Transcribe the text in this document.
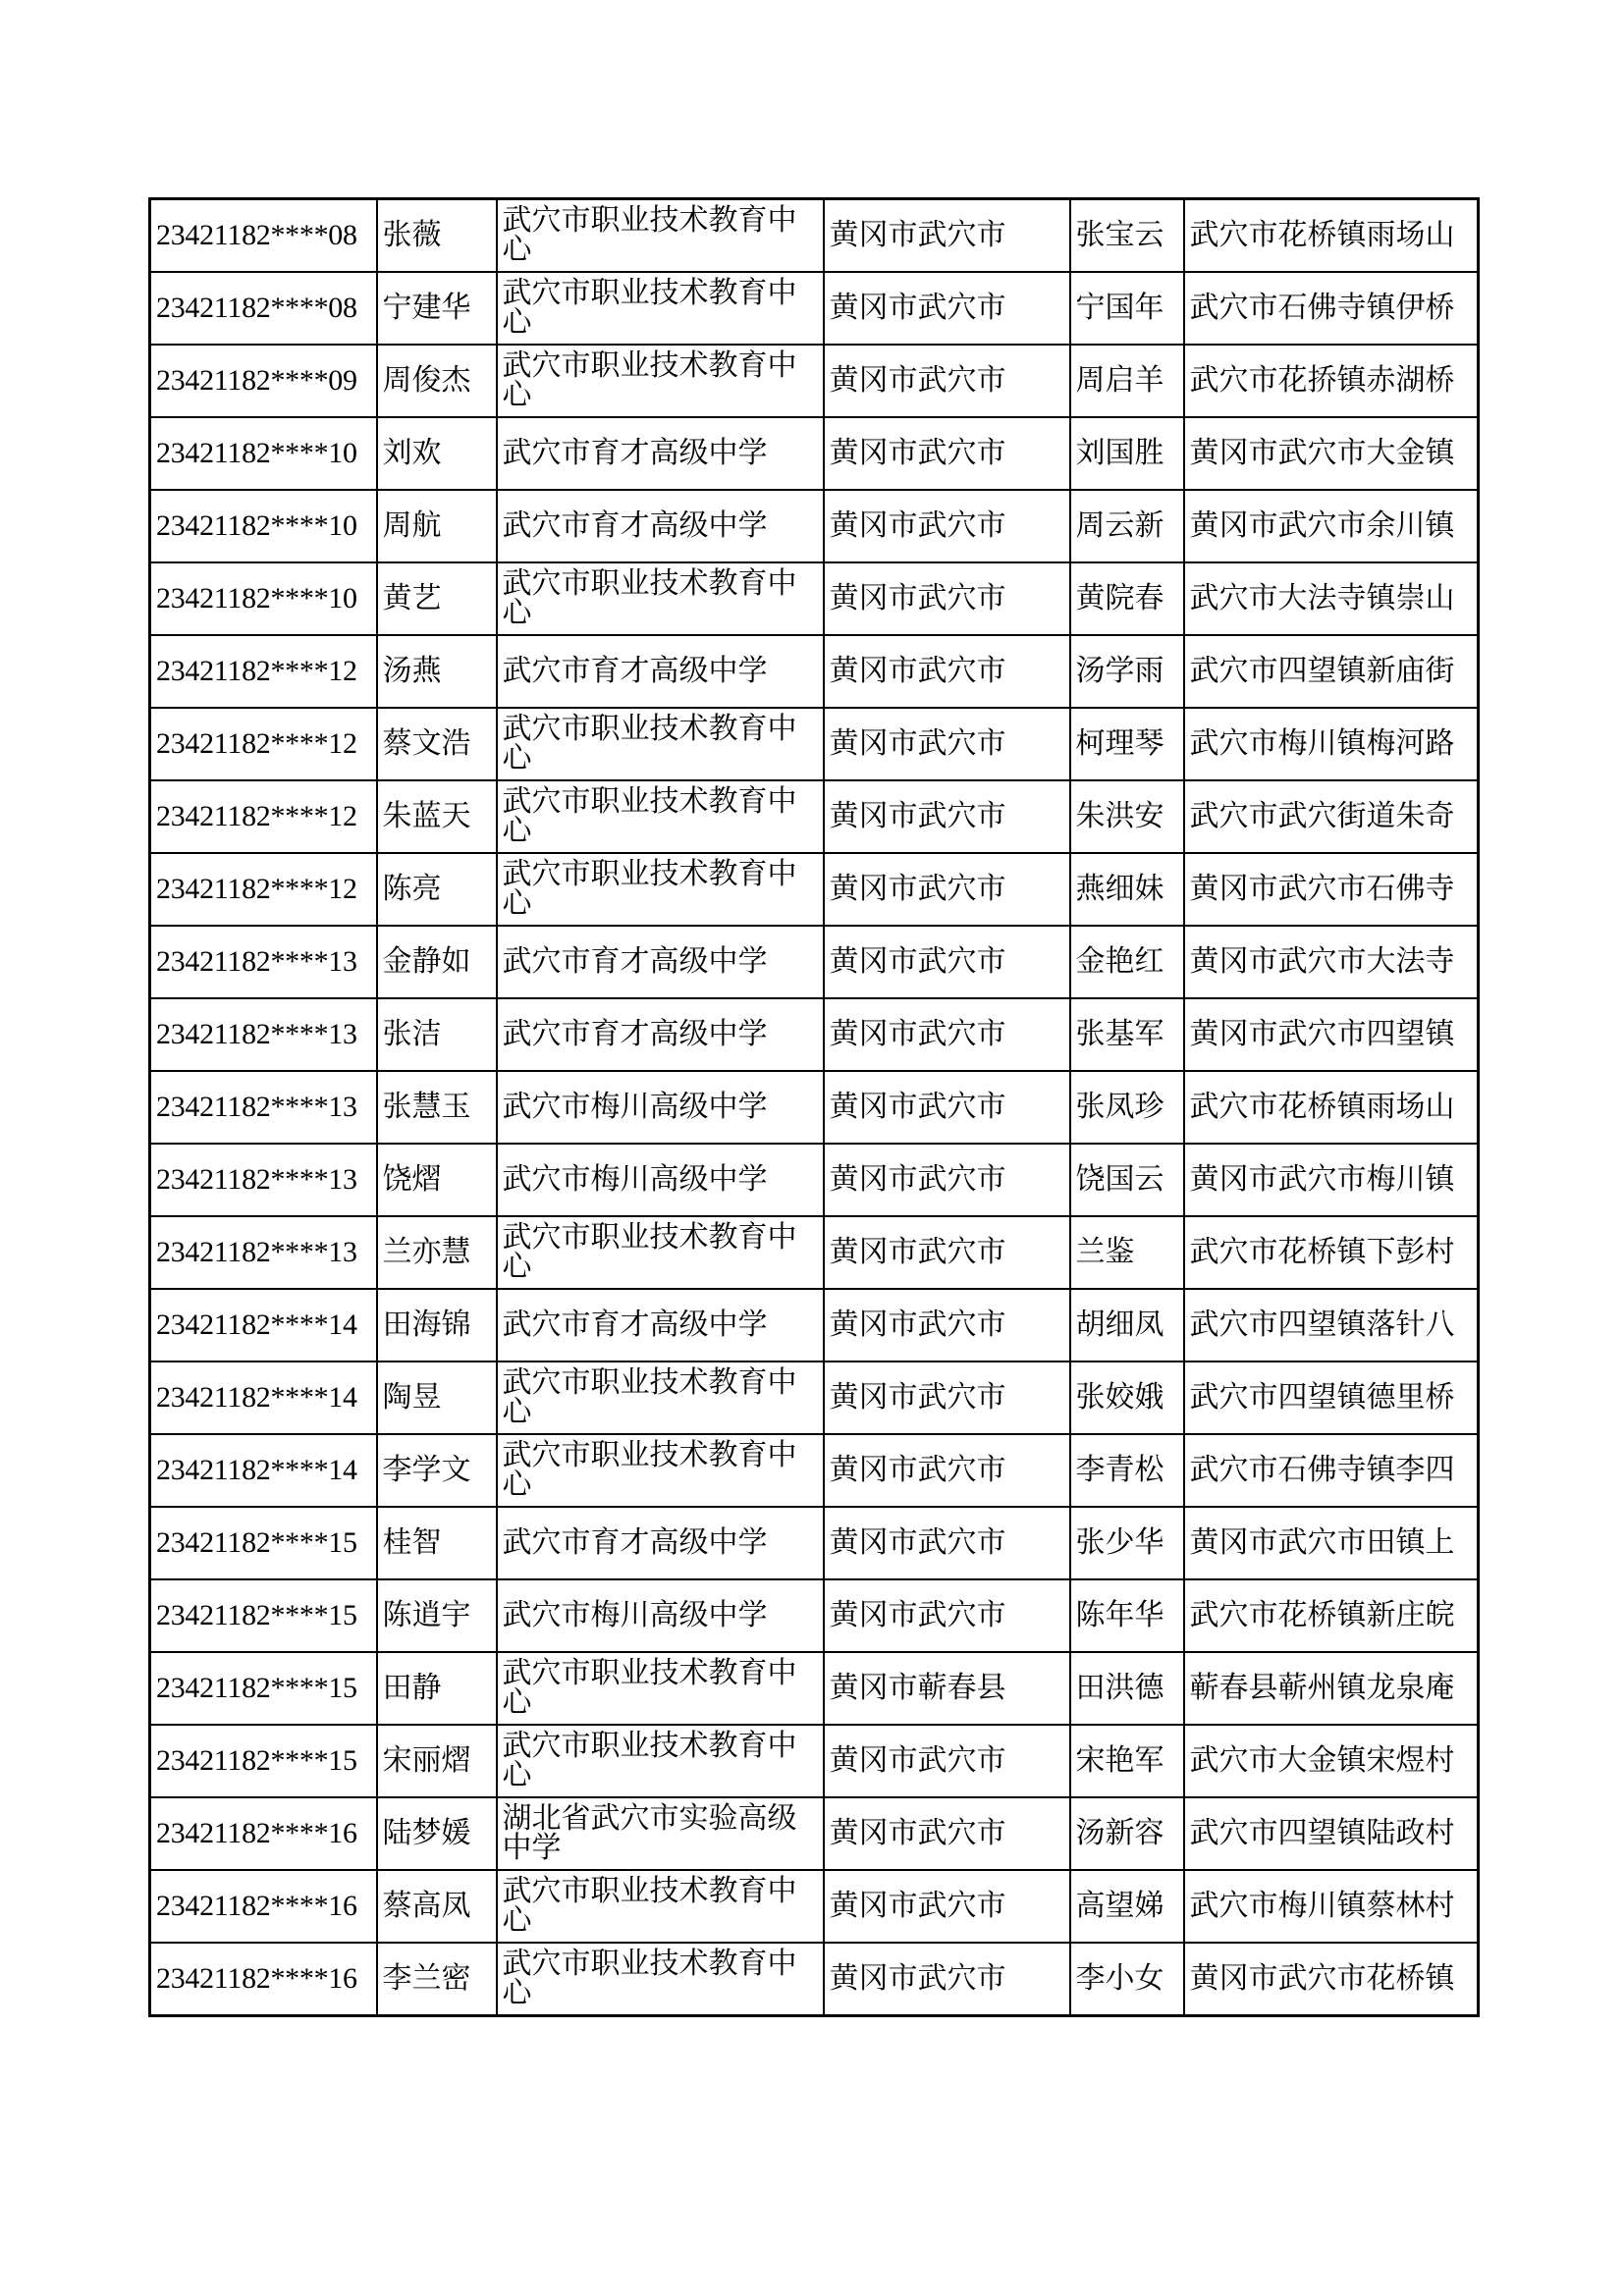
23421182****08	张薇	武穴市职业技术教育中心	黄冈市武穴市	张宝云	武穴市花桥镇雨场山
23421182****08	宁建华	武穴市职业技术教育中心	黄冈市武穴市	宁国年	武穴市石佛寺镇伊桥
23421182****09	周俊杰	武穴市职业技术教育中心	黄冈市武穴市	周启羊	武穴市花挢镇赤湖桥
23421182****10	刘欢	武穴市育才高级中学	黄冈市武穴市	刘国胜	黄冈市武穴市大金镇
23421182****10	周航	武穴市育才高级中学	黄冈市武穴市	周云新	黄冈市武穴市余川镇
23421182****10	黄艺	武穴市职业技术教育中心	黄冈市武穴市	黄院春	武穴市大法寺镇崇山
23421182****12	汤燕	武穴市育才高级中学	黄冈市武穴市	汤学雨	武穴市四望镇新庙街
23421182****12	蔡文浩	武穴市职业技术教育中心	黄冈市武穴市	柯理琴	武穴市梅川镇梅河路
23421182****12	朱蓝天	武穴市职业技术教育中心	黄冈市武穴市	朱洪安	武穴市武穴街道朱奇
23421182****12	陈亮	武穴市职业技术教育中心	黄冈市武穴市	燕细妹	黄冈市武穴市石佛寺
23421182****13	金静如	武穴市育才高级中学	黄冈市武穴市	金艳红	黄冈市武穴市大法寺
23421182****13	张洁	武穴市育才高级中学	黄冈市武穴市	张基军	黄冈市武穴市四望镇
23421182****13	张慧玉	武穴市梅川高级中学	黄冈市武穴市	张凤珍	武穴市花桥镇雨场山
23421182****13	饶熠	武穴市梅川高级中学	黄冈市武穴市	饶国云	黄冈市武穴市梅川镇
23421182****13	兰亦慧	武穴市职业技术教育中心	黄冈市武穴市	兰鉴	武穴市花桥镇下彭村
23421182****14	田海锦	武穴市育才高级中学	黄冈市武穴市	胡细凤	武穴市四望镇落针八
23421182****14	陶昱	武穴市职业技术教育中心	黄冈市武穴市	张姣娥	武穴市四望镇德里桥
23421182****14	李学文	武穴市职业技术教育中心	黄冈市武穴市	李青松	武穴市石佛寺镇李四
23421182****15	桂智	武穴市育才高级中学	黄冈市武穴市	张少华	黄冈市武穴市田镇上
23421182****15	陈逍宇	武穴市梅川高级中学	黄冈市武穴市	陈年华	武穴市花桥镇新庄皖
23421182****15	田静	武穴市职业技术教育中心	黄冈市蕲春县	田洪德	蕲春县蕲州镇龙泉庵
23421182****15	宋丽熠	武穴市职业技术教育中心	黄冈市武穴市	宋艳军	武穴市大金镇宋煜村
23421182****16	陆梦媛	湖北省武穴市实验高级中学	黄冈市武穴市	汤新容	武穴市四望镇陆政村
23421182****16	蔡高凤	武穴市职业技术教育中心	黄冈市武穴市	高望娣	武穴市梅川镇蔡林村
23421182****16	李兰密	武穴市职业技术教育中心	黄冈市武穴市	李小女	黄冈市武穴市花桥镇
